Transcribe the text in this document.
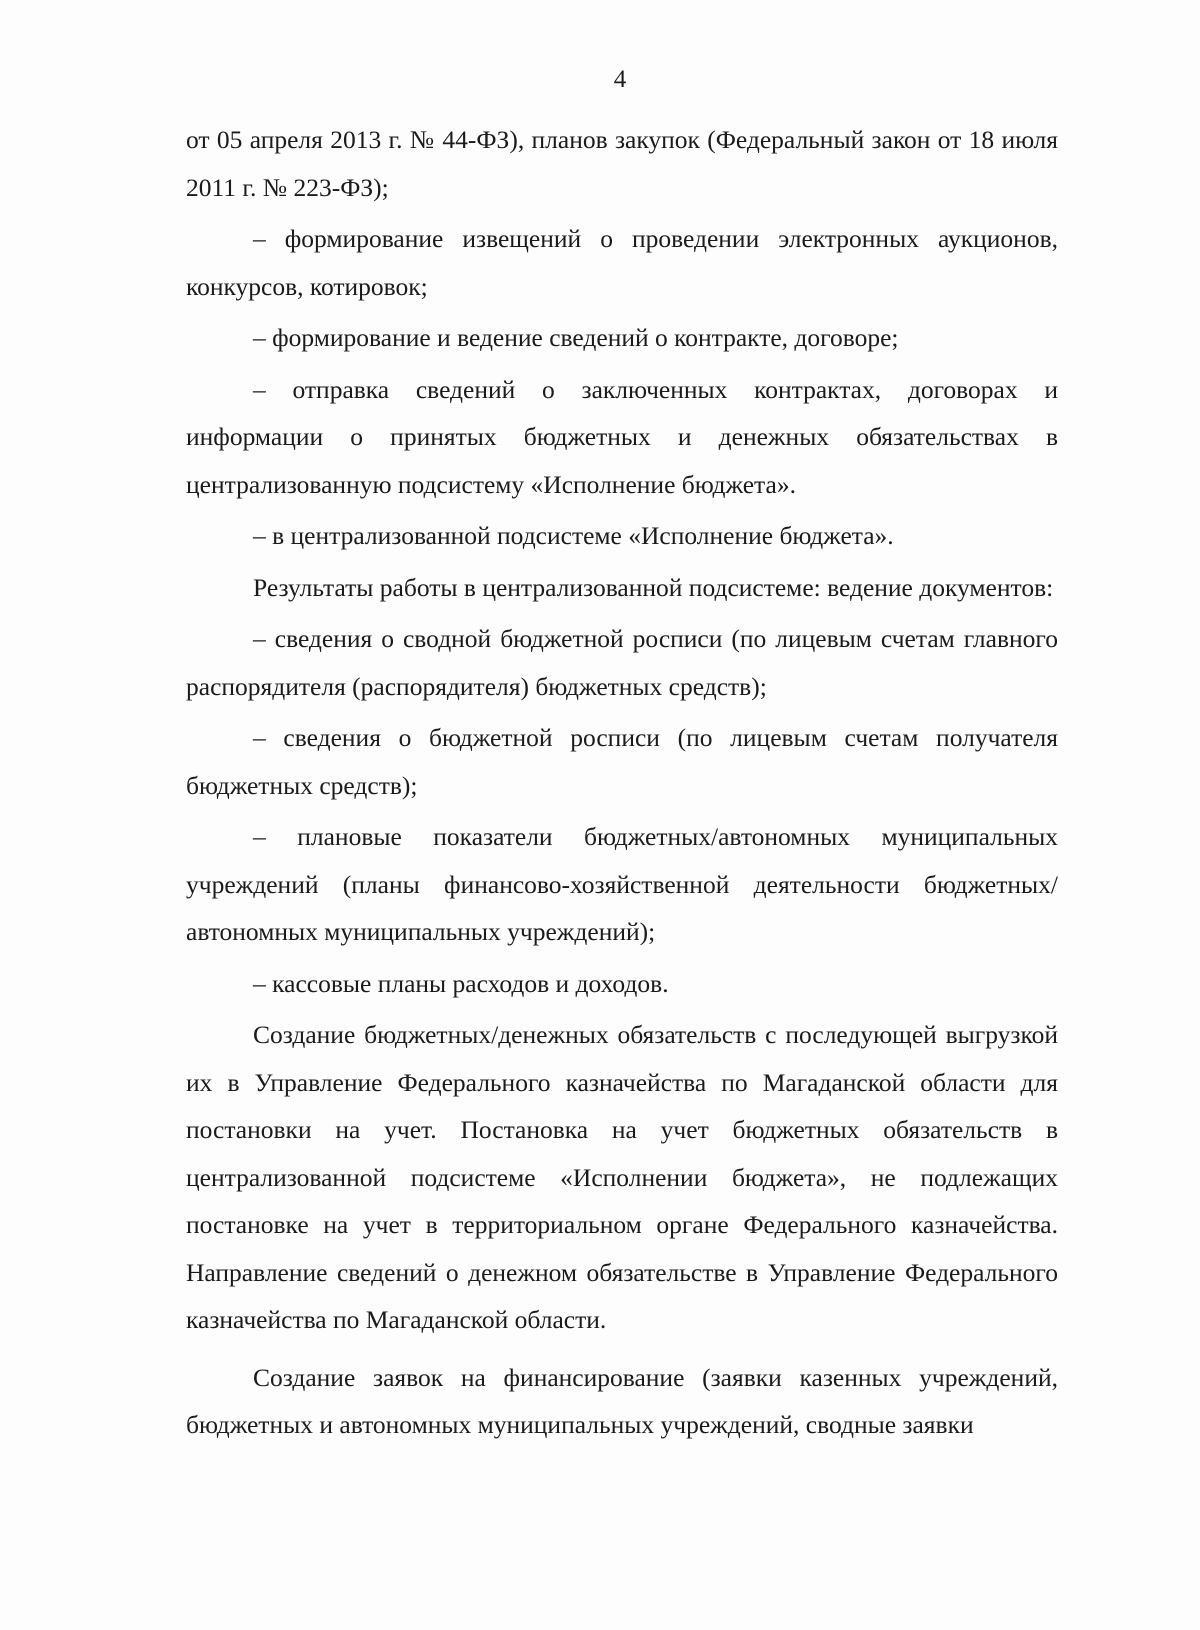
4

от 05 апреля 2013 г. № 44-ФЗ), планов закупок (Федеральный закон от 18 июля 2011 г. № 223-ФЗ);

– формирование извещений о проведении электронных аукционов, конкурсов, котировок;

– формирование и ведение сведений о контракте, договоре;

– отправка сведений о заключенных контрактах, договорах и информации о принятых бюджетных и денежных обязательствах в централизованную подсистему «Исполнение бюджета».

– в централизованной подсистеме «Исполнение бюджета».

Результаты работы в централизованной подсистеме: ведение документов:

– сведения о сводной бюджетной росписи (по лицевым счетам главного распорядителя (распорядителя) бюджетных средств);

– сведения о бюджетной росписи (по лицевым счетам получателя бюджетных средств);

– плановые показатели бюджетных/автономных муниципальных учреждений (планы финансово-хозяйственной деятельности бюджетных/автономных муниципальных учреждений);

– кассовые планы расходов и доходов.

Создание бюджетных/денежных обязательств с последующей выгрузкой их в Управление Федерального казначейства по Магаданской области для постановки на учет. Постановка на учет бюджетных обязательств в централизованной подсистеме «Исполнении бюджета», не подлежащих постановке на учет в территориальном органе Федерального казначейства. Направление сведений о денежном обязательстве в Управление Федерального казначейства по Магаданской области.

Создание заявок на финансирование (заявки казенных учреждений, бюджетных и автономных муниципальных учреждений, сводные заявки
